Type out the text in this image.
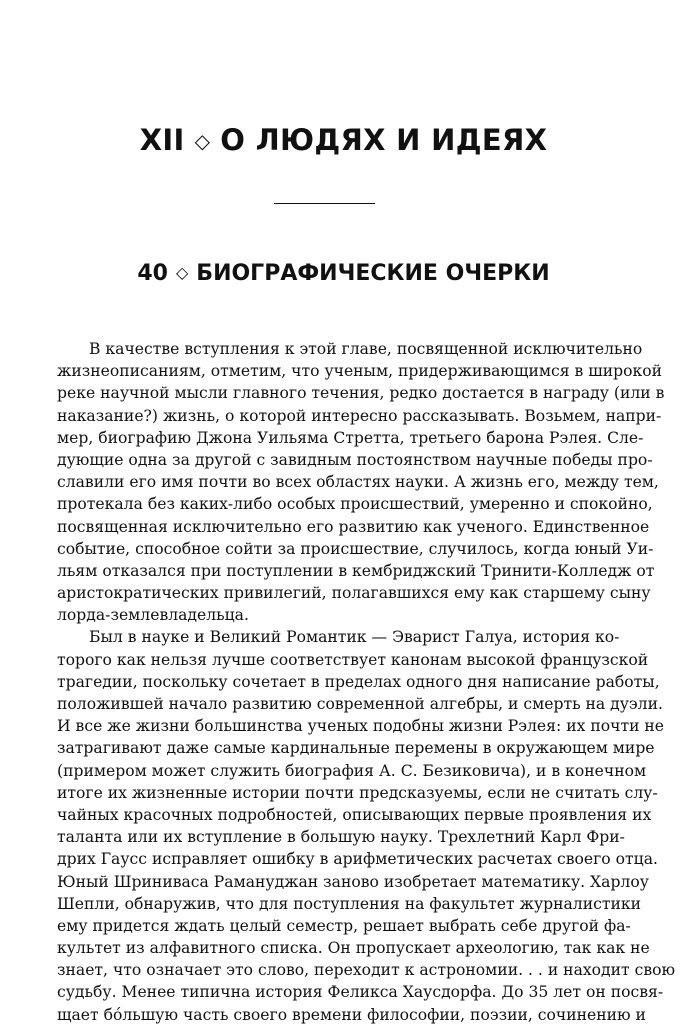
XII ◇ О ЛЮДЯХ И ИДЕЯХ
40 ◇ БИОГРАФИЧЕСКИЕ ОЧЕРКИ
В качестве вступления к этой главе, посвященной исключительно
жизнеописаниям, отметим, что ученым, придерживающимся в широкой
реке научной мысли главного течения, редко достается в награду (или в
наказание?) жизнь, о которой интересно рассказывать. Возьмем, напри-
мер, биографию Джона Уильяма Стретта, третьего барона Рэлея. Сле-
дующие одна за другой с завидным постоянством научные победы про-
славили его имя почти во всех областях науки. А жизнь его, между тем,
протекала без каких-либо особых происшествий, умеренно и спокойно,
посвященная исключительно его развитию как ученого. Единственное
событие, способное сойти за происшествие, случилось, когда юный Уи-
льям отказался при поступлении в кембриджский Тринити-Колледж от
аристократических привилегий, полагавшихся ему как старшему сыну
лорда-землевладельца.
Был в науке и Великий Романтик — Эварист Галуа, история ко-
торого как нельзя лучше соответствует канонам высокой французской
трагедии, поскольку сочетает в пределах одного дня написание работы,
положившей начало развитию современной алгебры, и смерть на дуэли.
И все же жизни большинства ученых подобны жизни Рэлея: их почти не
затрагивают даже самые кардинальные перемены в окружающем мире
(примером может служить биография А. С. Безиковича), и в конечном
итоге их жизненные истории почти предсказуемы, если не считать слу-
чайных красочных подробностей, описывающих первые проявления их
таланта или их вступление в большую науку. Трехлетний Карл Фри-
дрих Гаусс исправляет ошибку в арифметических расчетах своего отца.
Юный Шриниваса Рамануджан заново изобретает математику. Харлоу
Шепли, обнаружив, что для поступления на факультет журналистики
ему придется ждать целый семестр, решает выбрать себе другой фа-
культет из алфавитного списка. Он пропускает археологию, так как не
знает, что означает это слово, переходит к астрономии. . . и находит свою
судьбу. Менее типична история Феликса Хаусдорфа. До 35 лет он посвя-
щает бо́льшую часть своего времени философии, поэзии, сочинению и
